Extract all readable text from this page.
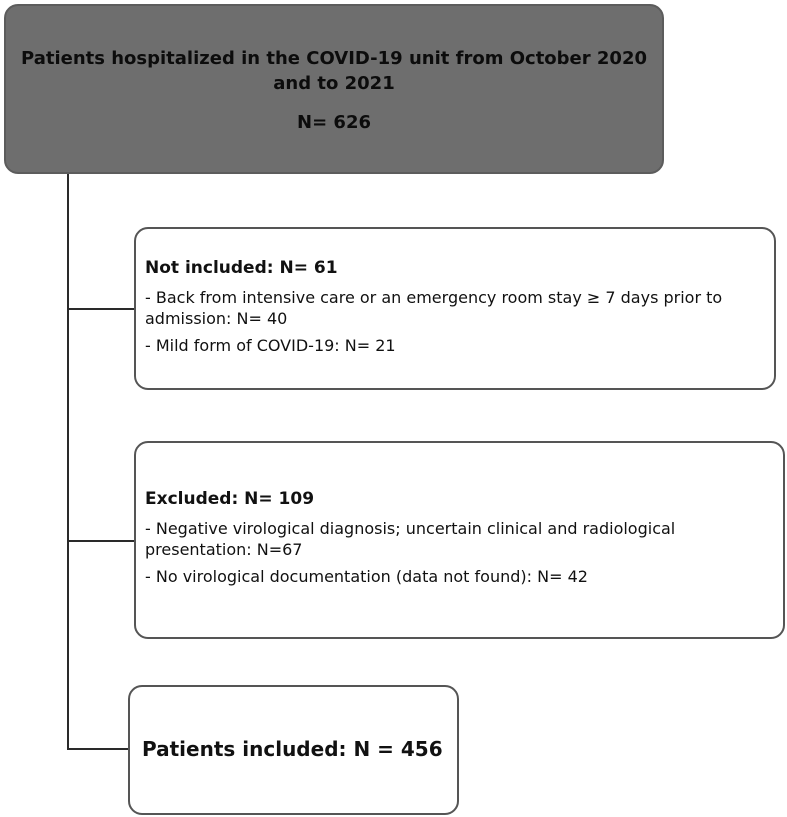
Patients hospitalized in the COVID-19 unit from October 2020 and to 2021
N= 626
Not included: N= 61
- Back from intensive care or an emergency room stay ≥ 7 days prior to admission: N= 40
- Mild form of COVID-19: N= 21
Excluded: N= 109
- Negative virological diagnosis; uncertain clinical and radiological presentation: N=67
- No virological documentation (data not found): N= 42
Patients included: N = 456
